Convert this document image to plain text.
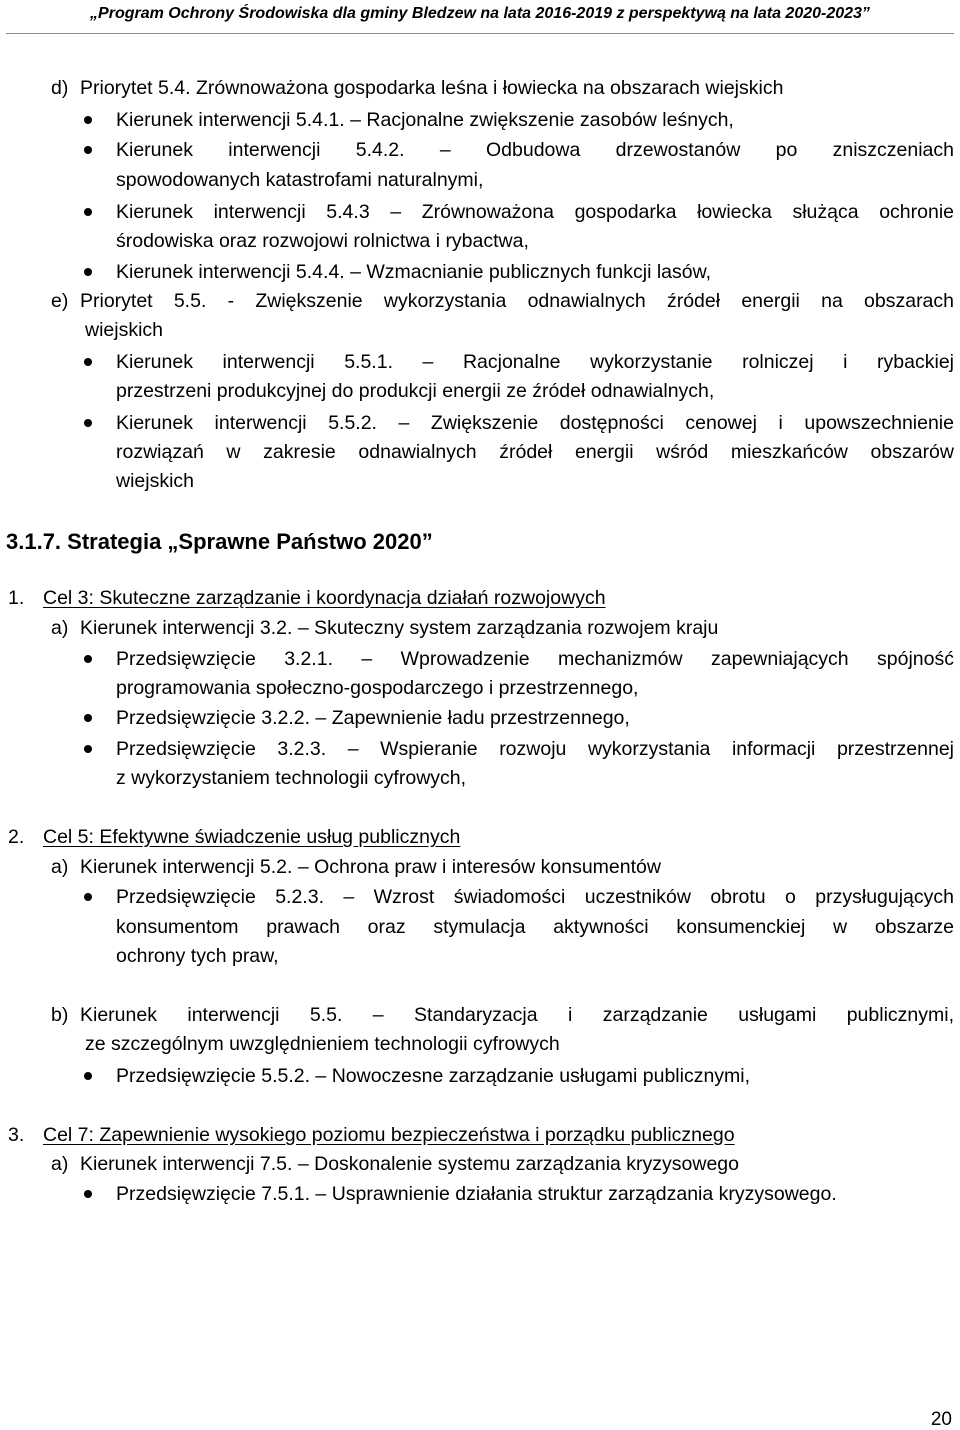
„Program Ochrony Środowiska dla gminy Bledzew na lata 2016-2019 z perspektywą na lata 2020-2023”
d) Priorytet 5.4. Zrównoważona gospodarka leśna i łowiecka na obszarach wiejskich
Kierunek interwencji 5.4.1. – Racjonalne zwiększenie zasobów leśnych,
Kierunek interwencji 5.4.2. – Odbudowa drzewostanów po zniszczeniach
spowodowanych katastrofami naturalnymi,
Kierunek interwencji 5.4.3 – Zrównoważona gospodarka łowiecka służąca ochronie
środowiska oraz rozwojowi rolnictwa i rybactwa,
Kierunek interwencji 5.4.4. – Wzmacnianie publicznych funkcji lasów,
e) Priorytet 5.5. - Zwiększenie wykorzystania odnawialnych źródeł energii na obszarach
wiejskich
Kierunek interwencji 5.5.1. – Racjonalne wykorzystanie rolniczej i rybackiej
przestrzeni produkcyjnej do produkcji energii ze źródeł odnawialnych,
Kierunek interwencji 5.5.2. – Zwiększenie dostępności cenowej i upowszechnienie
rozwiązań w zakresie odnawialnych źródeł energii wśród mieszkańców obszarów
wiejskich
3.1.7. Strategia „Sprawne Państwo 2020”
1. Cel 3: Skuteczne zarządzanie i koordynacja działań rozwojowych
a) Kierunek interwencji 3.2. – Skuteczny system zarządzania rozwojem kraju
Przedsięwzięcie 3.2.1. – Wprowadzenie mechanizmów zapewniających spójność
programowania społeczno-gospodarczego i przestrzennego,
Przedsięwzięcie 3.2.2. – Zapewnienie ładu przestrzennego,
Przedsięwzięcie 3.2.3. – Wspieranie rozwoju wykorzystania informacji przestrzennej
z wykorzystaniem technologii cyfrowych,
2. Cel 5: Efektywne świadczenie usług publicznych
a) Kierunek interwencji 5.2. – Ochrona praw i interesów konsumentów
Przedsięwzięcie 5.2.3. – Wzrost świadomości uczestników obrotu o przysługujących
konsumentom prawach oraz stymulacja aktywności konsumenckiej w obszarze
ochrony tych praw,
b) Kierunek interwencji 5.5. – Standaryzacja i zarządzanie usługami publicznymi,
ze szczególnym uwzględnieniem technologii cyfrowych
Przedsięwzięcie 5.5.2. – Nowoczesne zarządzanie usługami publicznymi,
3. Cel 7: Zapewnienie wysokiego poziomu bezpieczeństwa i porządku publicznego
a) Kierunek interwencji 7.5. – Doskonalenie systemu zarządzania kryzysowego
Przedsięwzięcie 7.5.1. – Usprawnienie działania struktur zarządzania kryzysowego.
20
